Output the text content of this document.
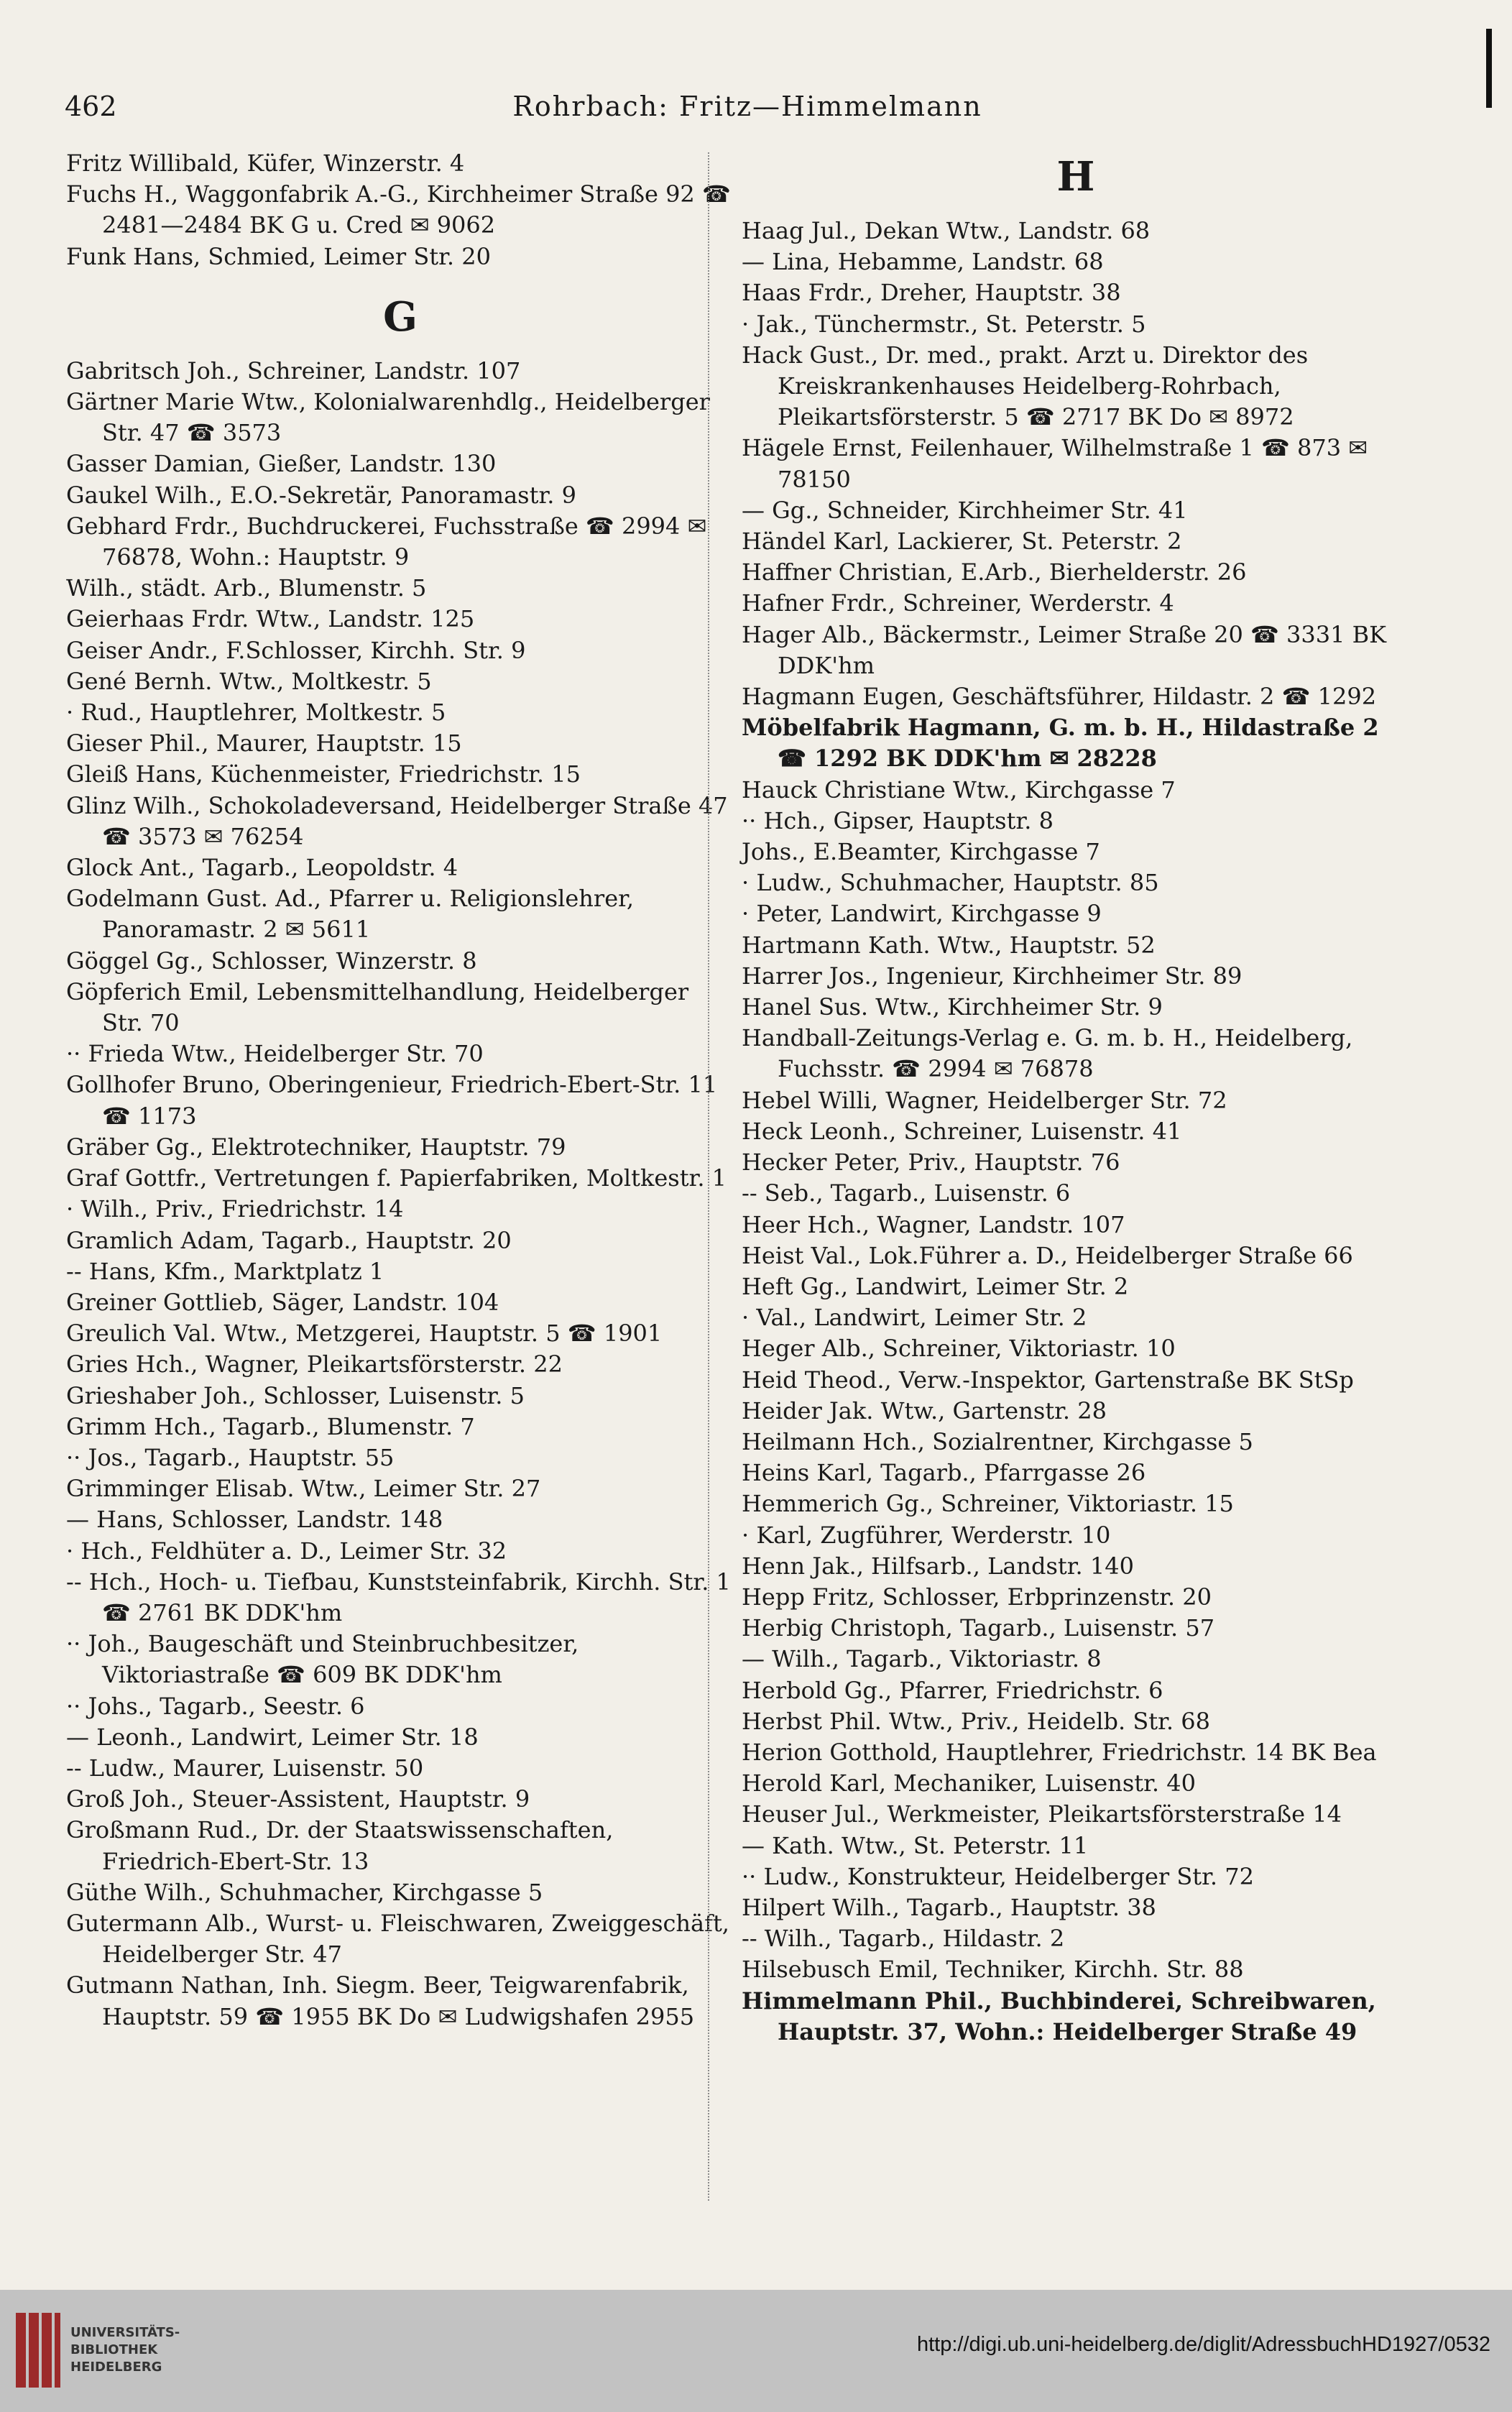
462	Rohrbach: Fritz—Himmelmann
Fritz Willibald, Küfer, Winzerstr. 4
Fuchs H., Waggonfabrik A.-G., Kirchheimer Straße 92 ☎ 2481—2484 BK G u. Cred ✉ 9062
Funk Hans, Schmied, Leimer Str. 20
G
Gabritsch Joh., Schreiner, Landstr. 107
Gärtner Marie Wtw., Kolonialwarenhdlg., Heidelberger Str. 47 ☎ 3573
Gasser Damian, Gießer, Landstr. 130
Gaukel Wilh., E.O.-Sekretär, Panoramastr. 9
Gebhard Frdr., Buchdruckerei, Fuchsstraße ☎ 2994 ✉ 76878, Wohn.: Hauptstr. 9
Wilh., städt. Arb., Blumenstr. 5
Geierhaas Frdr. Wtw., Landstr. 125
Geiser Andr., F.Schlosser, Kirchh. Str. 9
Gené Bernh. Wtw., Moltkestr. 5
· Rud., Hauptlehrer, Moltkestr. 5
Gieser Phil., Maurer, Hauptstr. 15
Gleiß Hans, Küchenmeister, Friedrichstr. 15
Glinz Wilh., Schokoladeversand, Heidelberger Straße 47 ☎ 3573 ✉ 76254
Glock Ant., Tagarb., Leopoldstr. 4
Godelmann Gust. Ad., Pfarrer u. Religionslehrer, Panoramastr. 2 ✉ 5611
Göggel Gg., Schlosser, Winzerstr. 8
Göpferich Emil, Lebensmittelhandlung, Heidelberger Str. 70
·· Frieda Wtw., Heidelberger Str. 70
Gollhofer Bruno, Oberingenieur, Friedrich-Ebert-Str. 11 ☎ 1173
Gräber Gg., Elektrotechniker, Hauptstr. 79
Graf Gottfr., Vertretungen f. Papierfabriken, Moltkestr. 1
· Wilh., Priv., Friedrichstr. 14
Gramlich Adam, Tagarb., Hauptstr. 20
-- Hans, Kfm., Marktplatz 1
Greiner Gottlieb, Säger, Landstr. 104
Greulich Val. Wtw., Metzgerei, Hauptstr. 5 ☎ 1901
Gries Hch., Wagner, Pleikartsförsterstr. 22
Grieshaber Joh., Schlosser, Luisenstr. 5
Grimm Hch., Tagarb., Blumenstr. 7
·· Jos., Tagarb., Hauptstr. 55
Grimminger Elisab. Wtw., Leimer Str. 27
— Hans, Schlosser, Landstr. 148
· Hch., Feldhüter a. D., Leimer Str. 32
-- Hch., Hoch- u. Tiefbau, Kunststeinfabrik, Kirchh. Str. 1 ☎ 2761 BK DDK'hm
·· Joh., Baugeschäft und Steinbruchbesitzer, Viktoriastraße ☎ 609 BK DDK'hm
·· Johs., Tagarb., Seestr. 6
— Leonh., Landwirt, Leimer Str. 18
-- Ludw., Maurer, Luisenstr. 50
Groß Joh., Steuer-Assistent, Hauptstr. 9
Großmann Rud., Dr. der Staatswissenschaften, Friedrich-Ebert-Str. 13
Güthe Wilh., Schuhmacher, Kirchgasse 5
Gutermann Alb., Wurst- u. Fleischwaren, Zweiggeschäft, Heidelberger Str. 47
Gutmann Nathan, Inh. Siegm. Beer, Teigwarenfabrik, Hauptstr. 59 ☎ 1955 BK Do ✉ Ludwigshafen 2955
H
Haag Jul., Dekan Wtw., Landstr. 68
— Lina, Hebamme, Landstr. 68
Haas Frdr., Dreher, Hauptstr. 38
· Jak., Tünchermstr., St. Peterstr. 5
Hack Gust., Dr. med., prakt. Arzt u. Direktor des Kreiskrankenhauses Heidelberg-Rohrbach, Pleikartsförsterstr. 5 ☎ 2717 BK Do ✉ 8972
Hägele Ernst, Feilenhauer, Wilhelmstraße 1 ☎ 873 ✉ 78150
— Gg., Schneider, Kirchheimer Str. 41
Händel Karl, Lackierer, St. Peterstr. 2
Haffner Christian, E.Arb., Bierhelderstr. 26
Hafner Frdr., Schreiner, Werderstr. 4
Hager Alb., Bäckermstr., Leimer Straße 20 ☎ 3331 BK DDK'hm
Hagmann Eugen, Geschäftsführer, Hildastr. 2 ☎ 1292
Möbelfabrik Hagmann, G. m. b. H., Hildastraße 2 ☎ 1292 BK DDK'hm ✉ 28228
Hauck Christiane Wtw., Kirchgasse 7
·· Hch., Gipser, Hauptstr. 8
Johs., E.Beamter, Kirchgasse 7
· Ludw., Schuhmacher, Hauptstr. 85
· Peter, Landwirt, Kirchgasse 9
Hartmann Kath. Wtw., Hauptstr. 52
Harrer Jos., Ingenieur, Kirchheimer Str. 89
Hanel Sus. Wtw., Kirchheimer Str. 9
Handball-Zeitungs-Verlag e. G. m. b. H., Heidelberg, Fuchsstr. ☎ 2994 ✉ 76878
Hebel Willi, Wagner, Heidelberger Str. 72
Heck Leonh., Schreiner, Luisenstr. 41
Hecker Peter, Priv., Hauptstr. 76
-- Seb., Tagarb., Luisenstr. 6
Heer Hch., Wagner, Landstr. 107
Heist Val., Lok.Führer a. D., Heidelberger Straße 66
Heft Gg., Landwirt, Leimer Str. 2
· Val., Landwirt, Leimer Str. 2
Heger Alb., Schreiner, Viktoriastr. 10
Heid Theod., Verw.-Inspektor, Gartenstraße BK StSp
Heider Jak. Wtw., Gartenstr. 28
Heilmann Hch., Sozialrentner, Kirchgasse 5
Heins Karl, Tagarb., Pfarrgasse 26
Hemmerich Gg., Schreiner, Viktoriastr. 15
· Karl, Zugführer, Werderstr. 10
Henn Jak., Hilfsarb., Landstr. 140
Hepp Fritz, Schlosser, Erbprinzenstr. 20
Herbig Christoph, Tagarb., Luisenstr. 57
— Wilh., Tagarb., Viktoriastr. 8
Herbold Gg., Pfarrer, Friedrichstr. 6
Herbst Phil. Wtw., Priv., Heidelb. Str. 68
Herion Gotthold, Hauptlehrer, Friedrichstr. 14 BK Bea
Herold Karl, Mechaniker, Luisenstr. 40
Heuser Jul., Werkmeister, Pleikartsförsterstraße 14
— Kath. Wtw., St. Peterstr. 11
·· Ludw., Konstrukteur, Heidelberger Str. 72
Hilpert Wilh., Tagarb., Hauptstr. 38
-- Wilh., Tagarb., Hildastr. 2
Hilsebusch Emil, Techniker, Kirchh. Str. 88
Himmelmann Phil., Buchbinderei, Schreibwaren, Hauptstr. 37, Wohn.: Heidelberger Straße 49
UNIVERSITÄTS-
BIBLIOTHEK
HEIDELBERG
http://digi.ub.uni-heidelberg.de/diglit/AdressbuchHD1927/0532
